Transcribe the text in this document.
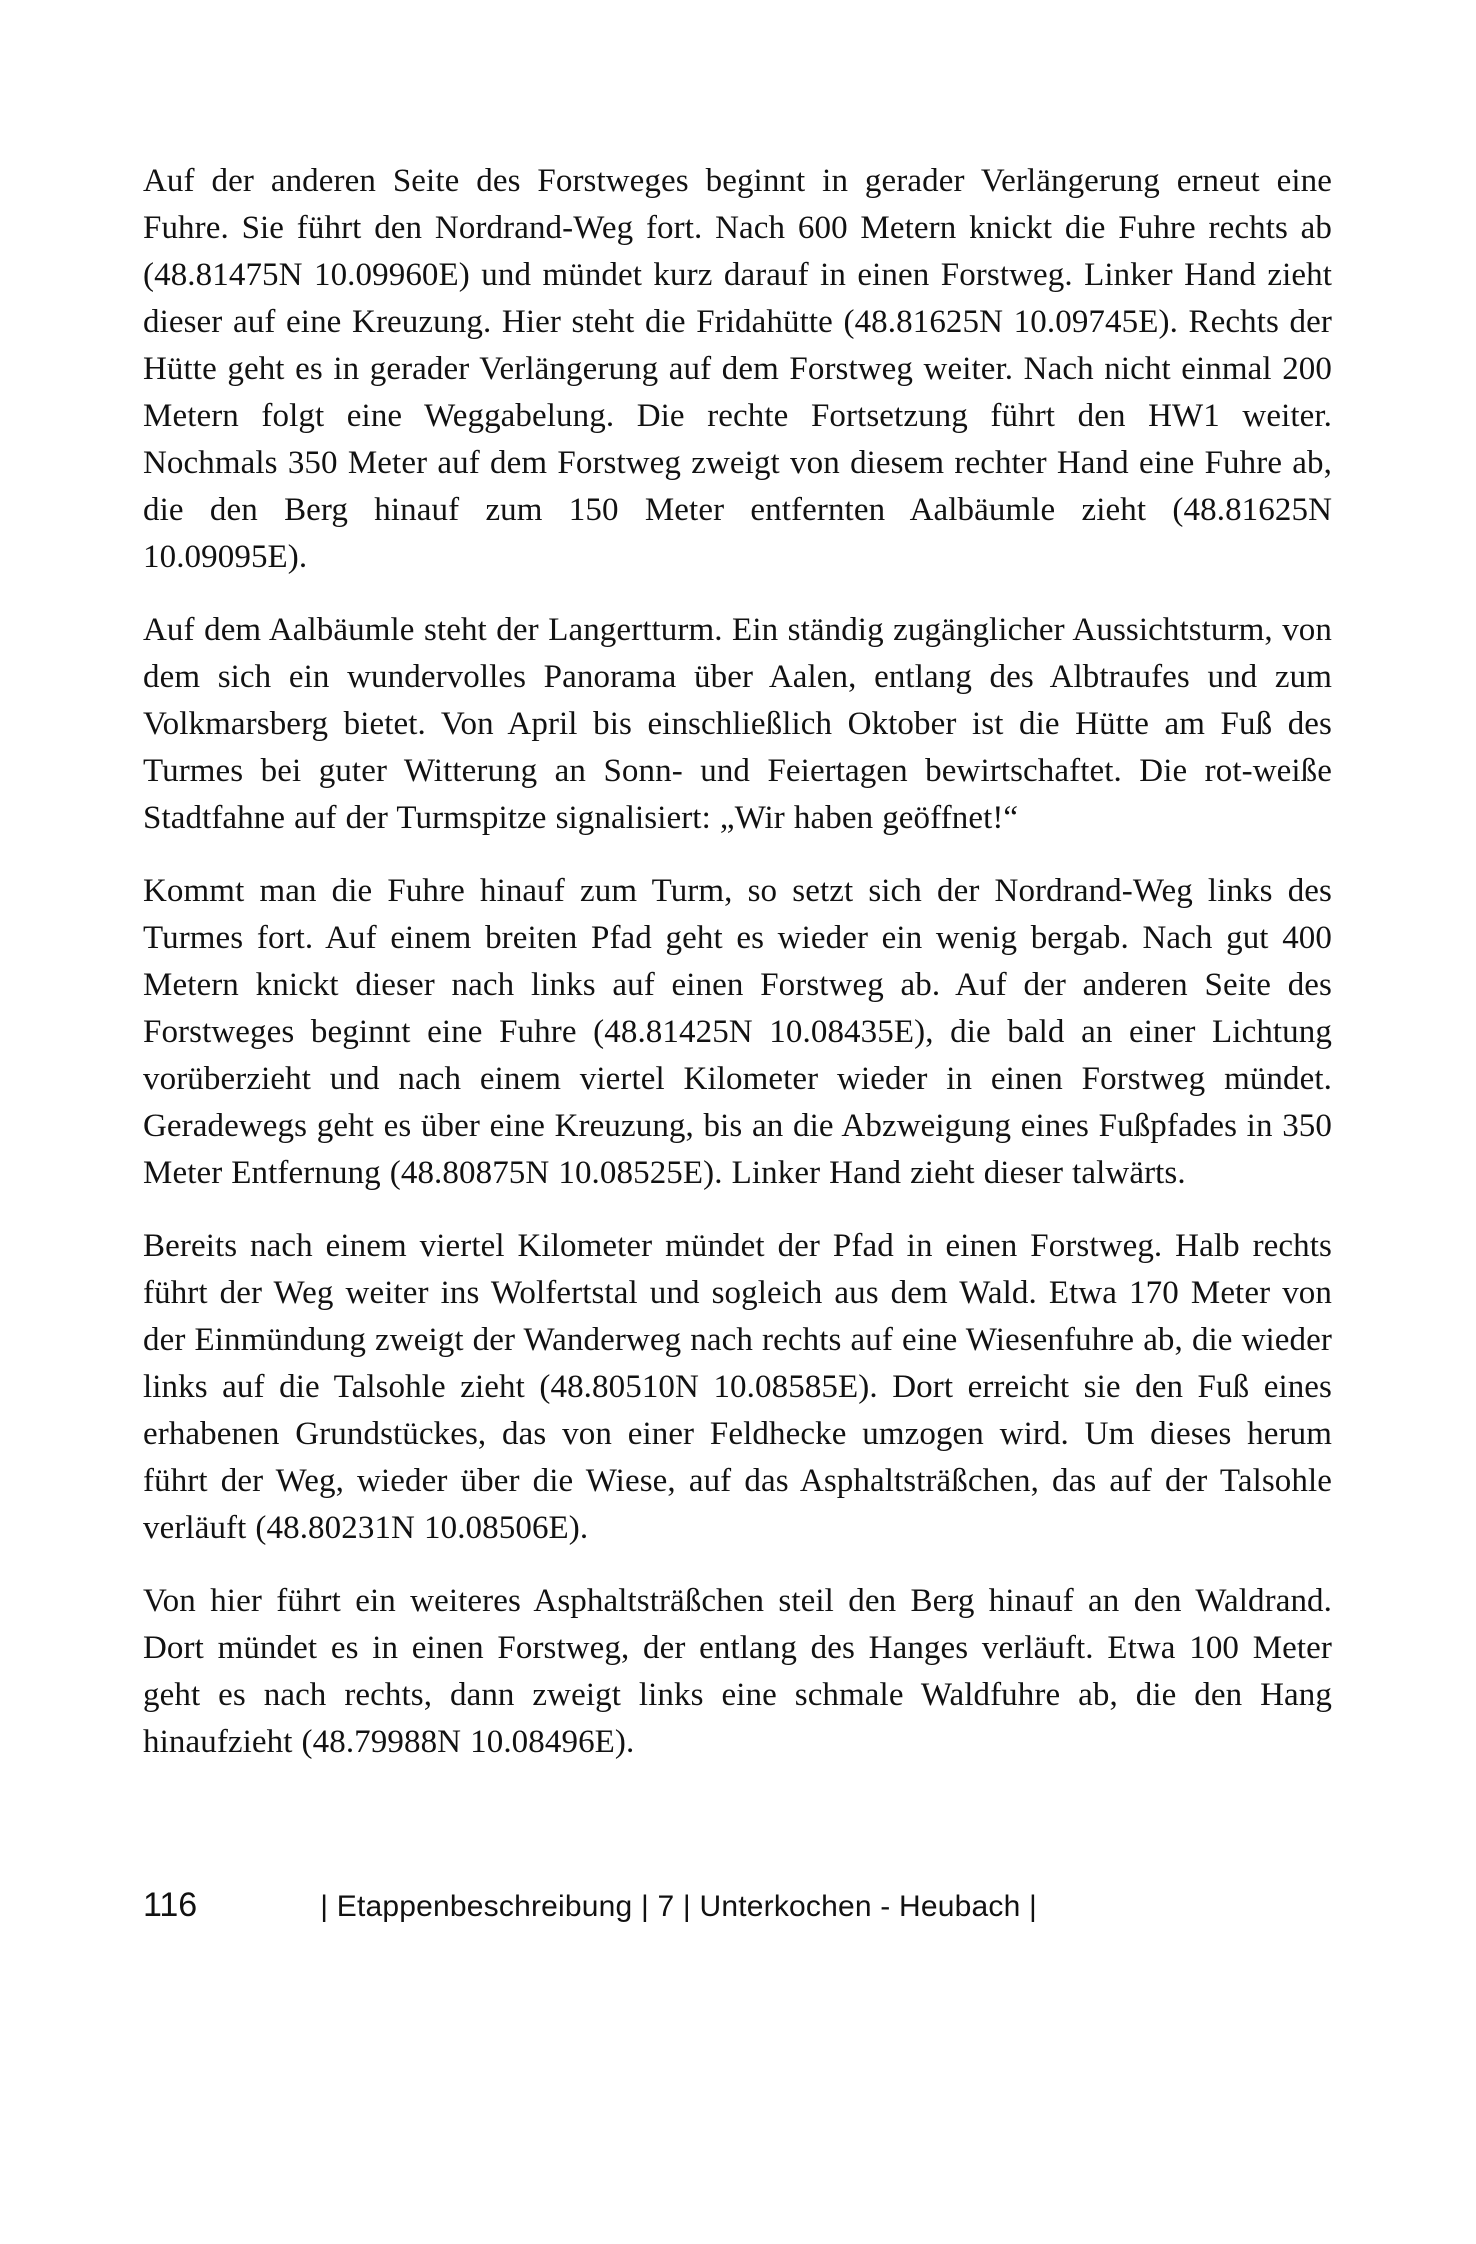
Auf der anderen Seite des Forstweges beginnt in gerader Verlängerung erneut eine Fuhre. Sie führt den Nordrand-Weg fort. Nach 600 Metern knickt die Fuhre rechts ab (48.81475N 10.09960E) und mündet kurz darauf in einen Forstweg. Linker Hand zieht dieser auf eine Kreuzung. Hier steht die Fridahütte (48.81625N 10.09745E). Rechts der Hütte geht es in gerader Verlängerung auf dem Forstweg weiter. Nach nicht einmal 200 Metern folgt eine Weggabelung. Die rechte Fortsetzung führt den HW1 weiter. Nochmals 350 Meter auf dem Forstweg zweigt von diesem rechter Hand eine Fuhre ab, die den Berg hinauf zum 150 Meter entfernten Aalbäumle zieht (48.81625N 10.09095E).

Auf dem Aalbäumle steht der Langertturm. Ein ständig zugänglicher Aussichtsturm, von dem sich ein wundervolles Panorama über Aalen, entlang des Albtraufes und zum Volkmarsberg bietet. Von April bis einschließlich Oktober ist die Hütte am Fuß des Turmes bei guter Witterung an Sonn- und Feiertagen bewirtschaftet. Die rot-weiße Stadtfahne auf der Turmspitze signalisiert: „Wir haben geöffnet!“

Kommt man die Fuhre hinauf zum Turm, so setzt sich der Nordrand-Weg links des Turmes fort. Auf einem breiten Pfad geht es wieder ein wenig bergab. Nach gut 400 Metern knickt dieser nach links auf einen Forstweg ab. Auf der anderen Seite des Forstweges beginnt eine Fuhre (48.81425N 10.08435E), die bald an einer Lichtung vorüberzieht und nach einem viertel Kilometer wieder in einen Forstweg mündet. Geradewegs geht es über eine Kreuzung, bis an die Abzweigung eines Fußpfades in 350 Meter Entfernung (48.80875N 10.08525E). Linker Hand zieht dieser talwärts.

Bereits nach einem viertel Kilometer mündet der Pfad in einen Forstweg. Halb rechts führt der Weg weiter ins Wolfertstal und sogleich aus dem Wald. Etwa 170 Meter von der Einmündung zweigt der Wanderweg nach rechts auf eine Wiesenfuhre ab, die wieder links auf die Talsohle zieht (48.80510N 10.08585E). Dort erreicht sie den Fuß eines erhabenen Grundstückes, das von einer Feldhecke umzogen wird. Um dieses herum führt der Weg, wieder über die Wiese, auf das Asphaltsträßchen, das auf der Talsohle verläuft (48.80231N 10.08506E).

Von hier führt ein weiteres Asphaltsträßchen steil den Berg hinauf an den Waldrand. Dort mündet es in einen Forstweg, der entlang des Hanges verläuft. Etwa 100 Meter geht es nach rechts, dann zweigt links eine schmale Waldfuhre ab, die den Hang hinaufzieht (48.79988N 10.08496E).

116	| Etappenbeschreibung | 7 | Unterkochen - Heubach |
